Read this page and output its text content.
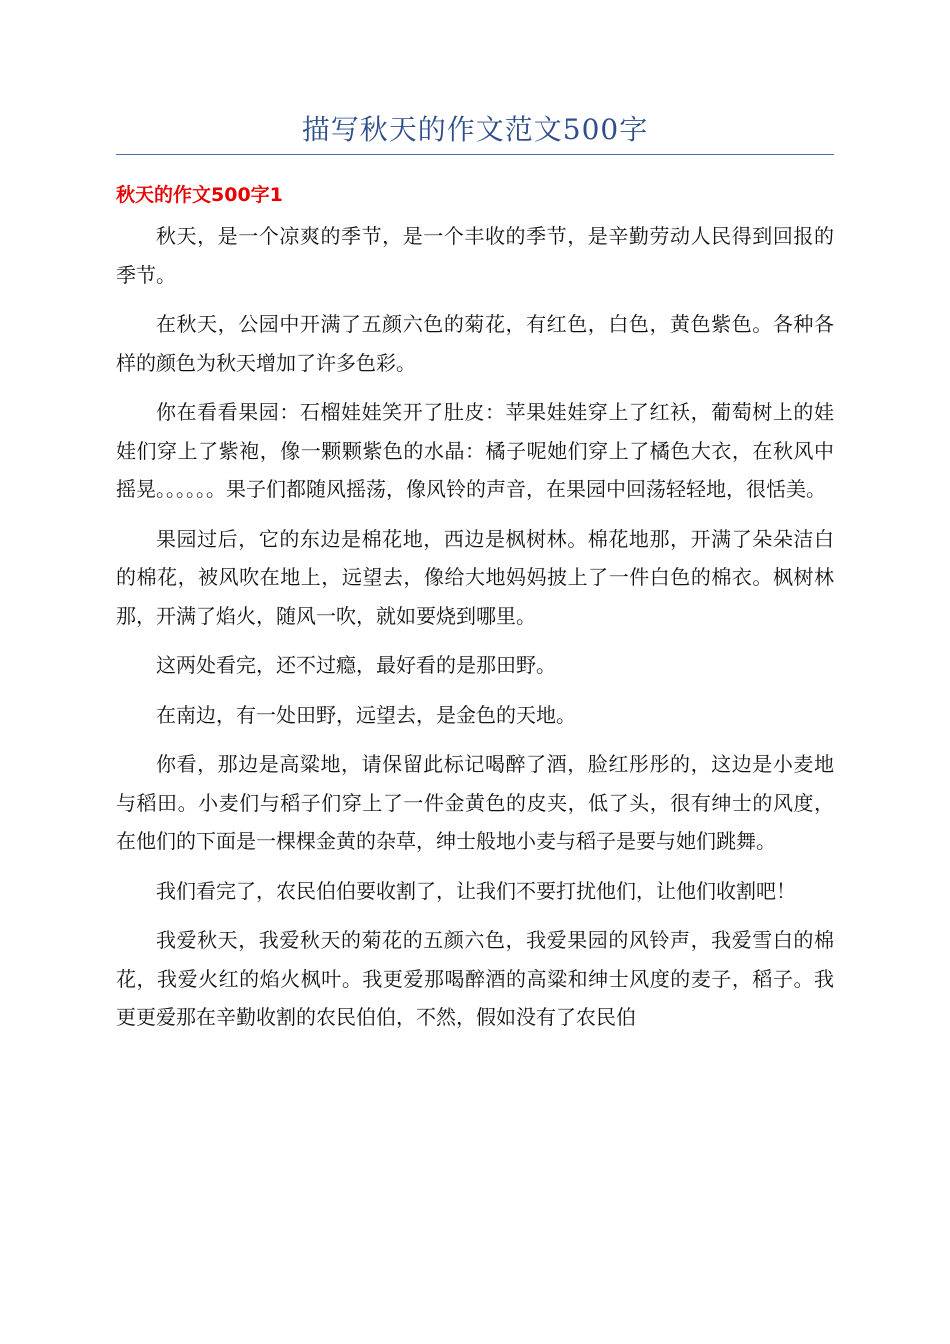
描写秋天的作文范文500字
秋天的作文500字1

秋天，是一个凉爽的季节，是一个丰收的季节，是辛勤劳动人民得到回报的季节。

在秋天，公园中开满了五颜六色的菊花，有红色，白色，黄色紫色。各种各样的颜色为秋天增加了许多色彩。

你在看看果园：石榴娃娃笑开了肚皮：苹果娃娃穿上了红袄，葡萄树上的娃娃们穿上了紫袍，像一颗颗紫色的水晶：橘子呢她们穿上了橘色大衣，在秋风中摇晃。。。。。。果子们都随风摇荡，像风铃的声音，在果园中回荡轻轻地，很恬美。

果园过后，它的东边是棉花地，西边是枫树林。棉花地那，开满了朵朵洁白的棉花，被风吹在地上，远望去，像给大地妈妈披上了一件白色的棉衣。枫树林那，开满了焰火，随风一吹，就如要烧到哪里。

这两处看完，还不过瘾，最好看的是那田野。

在南边，有一处田野，远望去，是金色的天地。

你看，那边是高粱地，请保留此标记喝醉了酒，脸红彤彤的，这边是小麦地与稻田。小麦们与稻子们穿上了一件金黄色的皮夹，低了头，很有绅士的风度，在他们的下面是一棵棵金黄的杂草，绅士般地小麦与稻子是要与她们跳舞。

我们看完了，农民伯伯要收割了，让我们不要打扰他们，让他们收割吧！

我爱秋天，我爱秋天的菊花的五颜六色，我爱果园的风铃声，我爱雪白的棉花，我爱火红的焰火枫叶。我更爱那喝醉酒的高粱和绅士风度的麦子，稻子。我更更爱那在辛勤收割的农民伯伯，不然，假如没有了农民伯
